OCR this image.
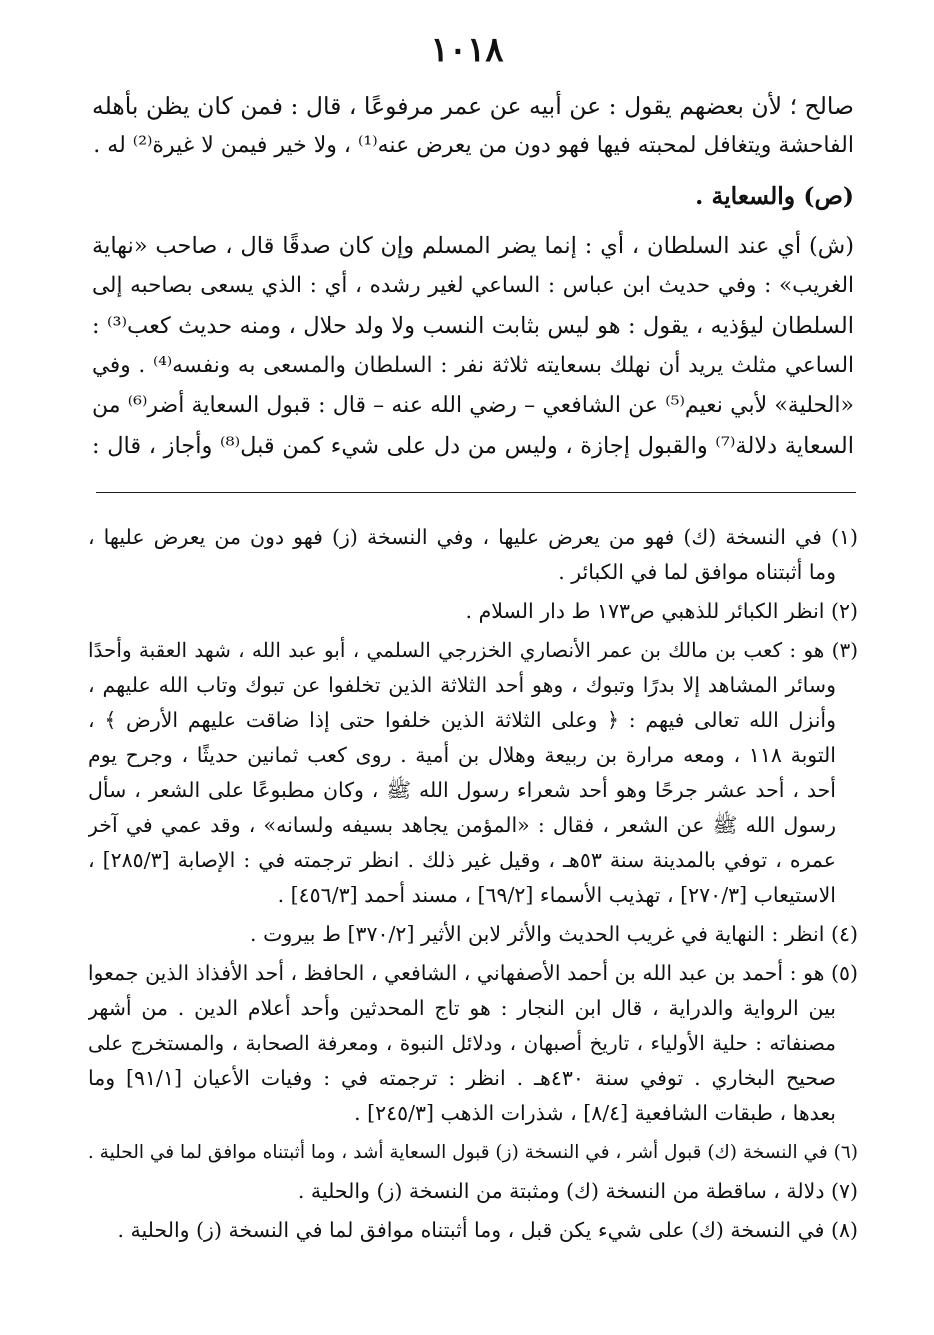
١٠١٨
صالح ؛ لأن بعضهم يقول : عن أبيه عن عمر مرفوعًا ، قال : فمن كان يظن بأهله
الفاحشة ويتغافل لمحبته فيها فهو دون من يعرض عنه⁽¹⁾ ، ولا خير فيمن لا غيرة⁽²⁾ له .
(ص) والسعاية .
(ش) أي عند السلطان ، أي : إنما يضر المسلم وإن كان صدقًا قال ، صاحب «نهاية
الغريب» : وفي حديث ابن عباس : الساعي لغير رشده ، أي : الذي يسعى بصاحبه إلى
السلطان ليؤذيه ، يقول : هو ليس بثابت النسب ولا ولد حلال ، ومنه حديث كعب⁽³⁾ :
الساعي مثلث يريد أن نهلك بسعايته ثلاثة نفر : السلطان والمسعى به ونفسه⁽⁴⁾ . وفي
«الحلية» لأبي نعيم⁽⁵⁾ عن الشافعي – رضي الله عنه – قال : قبول السعاية أضر⁽⁶⁾ من
السعاية دلالة⁽⁷⁾ والقبول إجازة ، وليس من دل على شيء كمن قبل⁽⁸⁾ وأجاز ، قال :
(١) في النسخة (ك) فهو من يعرض عليها ، وفي النسخة (ز) فهو دون من يعرض عليها ،
وما أثبتناه موافق لما في الكبائر .
(٢) انظر الكبائر للذهبي ص١٧٣ ط دار السلام .
(٣) هو : كعب بن مالك بن عمر الأنصاري الخزرجي السلمي ، أبو عبد الله ، شهد العقبة وأحدًا
وسائر المشاهد إلا بدرًا وتبوك ، وهو أحد الثلاثة الذين تخلفوا عن تبوك وتاب الله عليهم ،
وأنزل الله تعالى فيهم : ﴿ وعلى الثلاثة الذين خلفوا حتى إذا ضاقت عليهم الأرض ﴾ ،
التوبة ١١٨ ، ومعه مرارة بن ربيعة وهلال بن أمية . روى كعب ثمانين حديثًا ، وجرح يوم
أحد ، أحد عشر جرحًا وهو أحد شعراء رسول الله ﷺ ، وكان مطبوعًا على الشعر ، سأل
رسول الله ﷺ عن الشعر ، فقال : «المؤمن يجاهد بسيفه ولسانه» ، وقد عمي في آخر
عمره ، توفي بالمدينة سنة ٥٣هـ ، وقيل غير ذلك . انظر ترجمته في : الإصابة [٢٨٥/٣] ،
الاستيعاب [٢٧٠/٣] ، تهذيب الأسماء [٦٩/٢] ، مسند أحمد [٤٥٦/٣] .
(٤) انظر : النهاية في غريب الحديث والأثر لابن الأثير [٣٧٠/٢] ط بيروت .
(٥) هو : أحمد بن عبد الله بن أحمد الأصفهاني ، الشافعي ، الحافظ ، أحد الأفذاذ الذين جمعوا
بين الرواية والدراية ، قال ابن النجار : هو تاج المحدثين وأحد أعلام الدين . من أشهر
مصنفاته : حلية الأولياء ، تاريخ أصبهان ، ودلائل النبوة ، ومعرفة الصحابة ، والمستخرج على
صحيح البخاري . توفي سنة ٤٣٠هـ . انظر : ترجمته في : وفيات الأعيان [٩١/١] وما
بعدها ، طبقات الشافعية [٨/٤] ، شذرات الذهب [٢٤٥/٣] .
(٦) في النسخة (ك) قبول أشر ، في النسخة (ز) قبول السعاية أشد ، وما أثبتناه موافق لما في الحلية .
(٧) دلالة ، ساقطة من النسخة (ك) ومثبتة من النسخة (ز) والحلية .
(٨) في النسخة (ك) على شيء يكن قبل ، وما أثبتناه موافق لما في النسخة (ز) والحلية .
